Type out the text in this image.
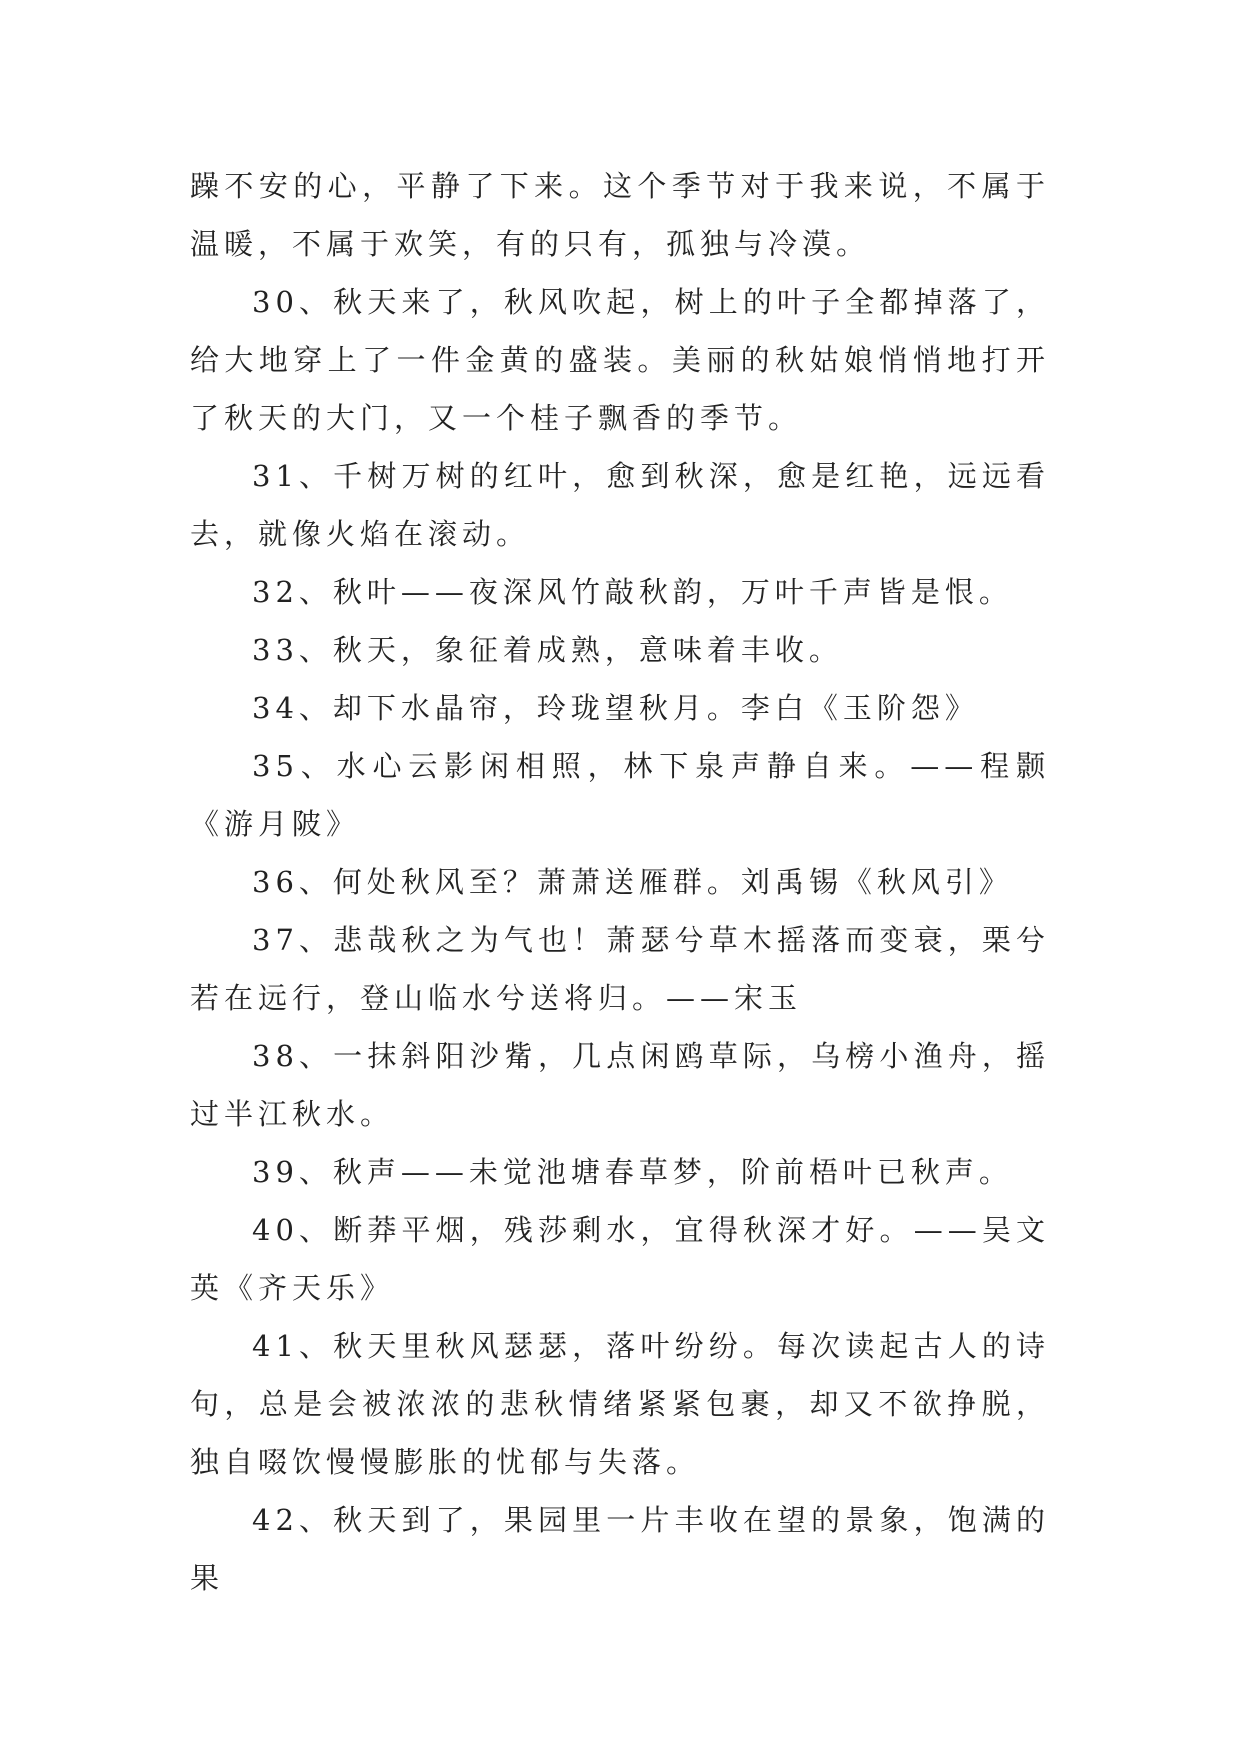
躁不安的心，平静了下来。这个季节对于我来说，不属于温暖，不属于欢笑，有的只有，孤独与冷漠。

30、秋天来了，秋风吹起，树上的叶子全都掉落了，给大地穿上了一件金黄的盛装。美丽的秋姑娘悄悄地打开了秋天的大门，又一个桂子飘香的季节。

31、千树万树的红叶，愈到秋深，愈是红艳，远远看去，就像火焰在滚动。

32、秋叶——夜深风竹敲秋韵，万叶千声皆是恨。

33、秋天，象征着成熟，意味着丰收。

34、却下水晶帘，玲珑望秋月。李白《玉阶怨》

35、水心云影闲相照，林下泉声静自来。——程颢《游月陂》

36、何处秋风至？萧萧送雁群。刘禹锡《秋风引》

37、悲哉秋之为气也！萧瑟兮草木摇落而变衰，栗兮若在远行，登山临水兮送将归。——宋玉

38、一抹斜阳沙觜，几点闲鸥草际，乌榜小渔舟，摇过半江秋水。

39、秋声——未觉池塘春草梦，阶前梧叶已秋声。

40、断莽平烟，残莎剩水，宜得秋深才好。——吴文英《齐天乐》

41、秋天里秋风瑟瑟，落叶纷纷。每次读起古人的诗句，总是会被浓浓的悲秋情绪紧紧包裹，却又不欲挣脱，独自啜饮慢慢膨胀的忧郁与失落。

42、秋天到了，果园里一片丰收在望的景象，饱满的果
